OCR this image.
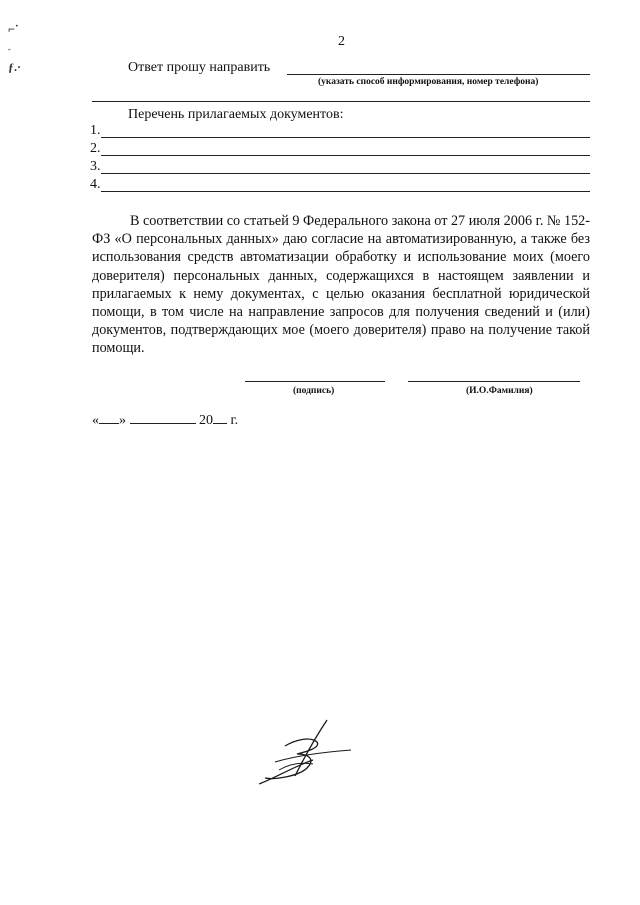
⌐˙
˘
ƒ.·
2
Ответ прошу направить
(указать способ информирования, номер телефона)
Перечень прилагаемых документов:
1.
2.
3.
4.
В соответствии со статьей 9 Федерального закона от 27 июля 2006 г. № 152-ФЗ «О персональных данных» даю согласие на автоматизированную, а также без использования средств автоматизации обработку и использование моих (моего доверителя) персональных данных, содержащихся в настоящем заявлении и прилагаемых к нему документах, с целью оказания бесплатной юридической помощи, в том числе на направление запросов для получения сведений и (или) документов, подтверждающих мое (моего доверителя) право на получение такой помощи.
(подпись)	(И.О.Фамилия)
« »	20 г.
